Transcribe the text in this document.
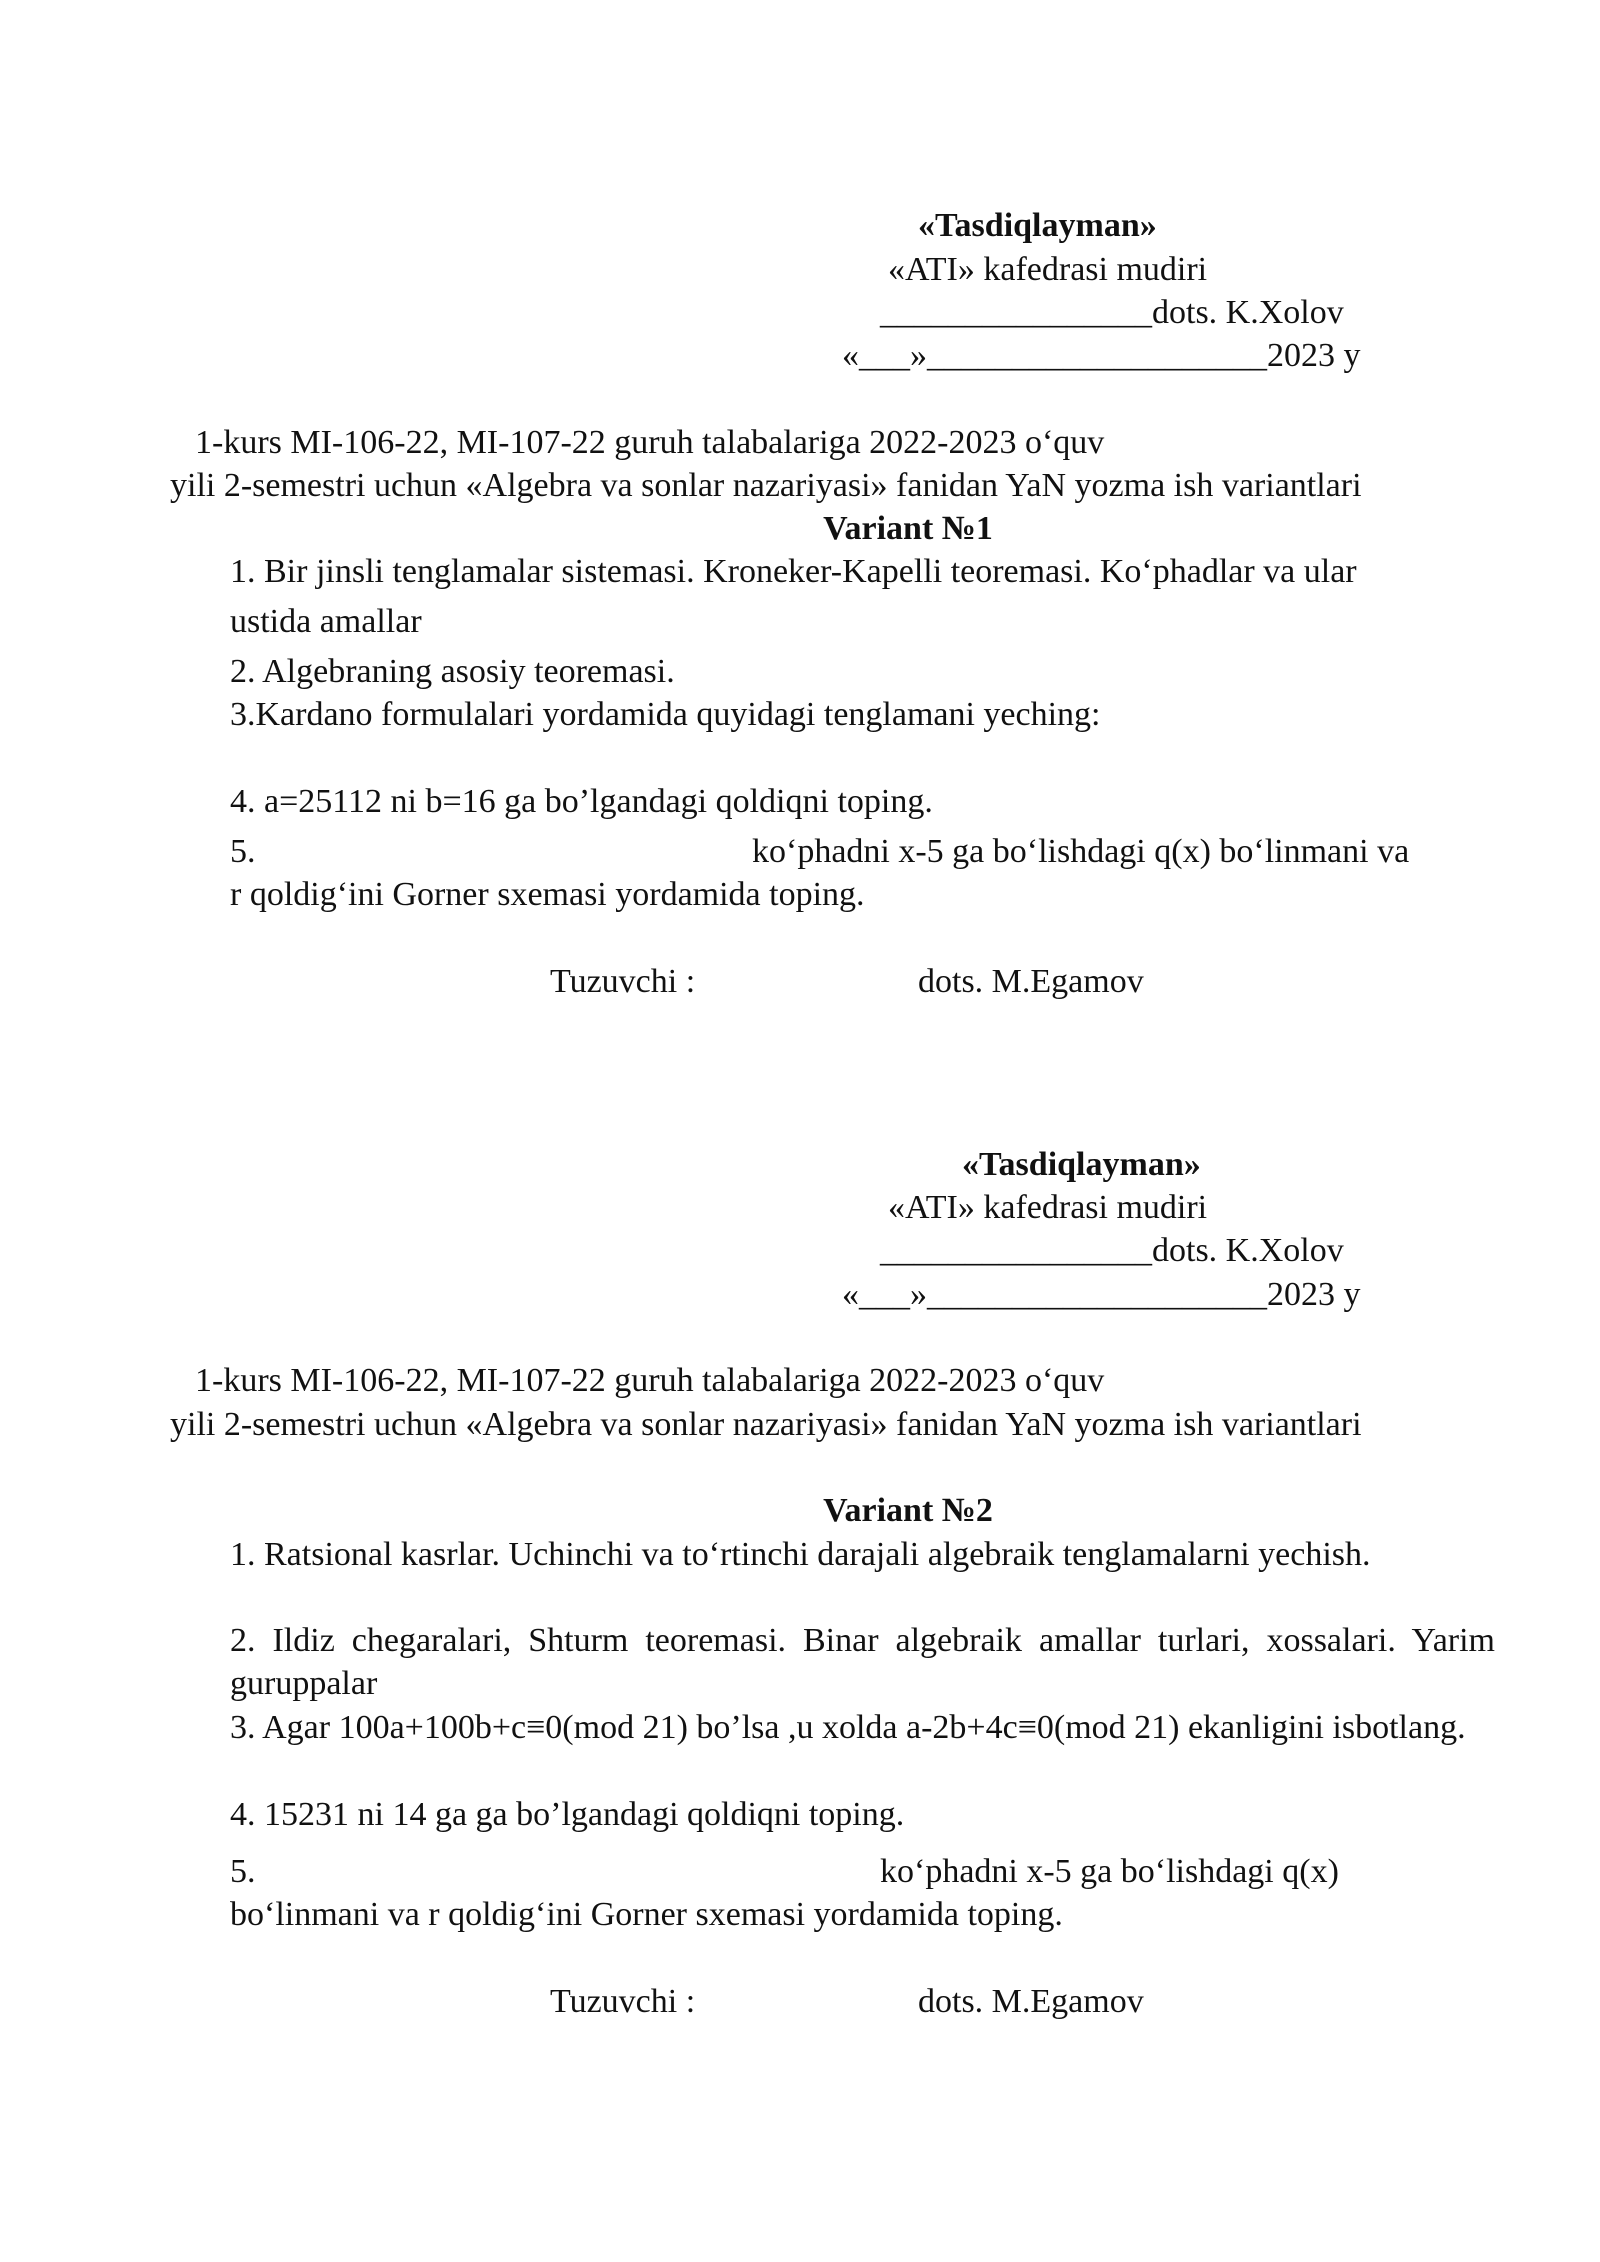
«Tasdiqlayman»
«ATI» kafedrasi mudiri
________________dots. K.Xolov
«___»____________________2023 y
1-kurs MI-106-22, MI-107-22 guruh talabalariga 2022-2023 o‘quv
yili 2-semestri uchun «Algebra va sonlar nazariyasi» fanidan YaN yozma ish variantlari
Variant №1
1. Bir jinsli tenglamalar sistemasi. Kroneker-Kapelli teoremasi. Ko‘phadlar va ular
ustida amallar
2. Algebraning asosiy teoremasi.
3.Kardano formulalari yordamida quyidagi tenglamani yeching:
4. a=25112 ni b=16 ga bo’lgandagi qoldiqni toping.
5.	ko‘phadni x-5 ga bo‘lishdagi q(x) bo‘linmani va
r qoldig‘ini Gorner sxemasi yordamida toping.
Tuzuvchi :	dots. M.Egamov
«Tasdiqlayman»
«ATI» kafedrasi mudiri
________________dots. K.Xolov
«___»____________________2023 y
1-kurs MI-106-22, MI-107-22 guruh talabalariga 2022-2023 o‘quv
yili 2-semestri uchun «Algebra va sonlar nazariyasi» fanidan YaN yozma ish variantlari
Variant №2
1. Ratsional kasrlar. Uchinchi va to‘rtinchi darajali algebraik tenglamalarni yechish.
2. Ildiz chegaralari, Shturm teoremasi. Binar algebraik amallar turlari, xossalari. Yarim guruppalar
3. Agar 100a+100b+c≡0(mod 21) bo’lsa ,u xolda a-2b+4c≡0(mod 21) ekanligini isbotlang.
4. 15231 ni 14 ga ga bo’lgandagi qoldiqni toping.
5.	ko‘phadni x-5 ga bo‘lishdagi q(x)
bo‘linmani va r qoldig‘ini Gorner sxemasi yordamida toping.
Tuzuvchi :	dots. M.Egamov
